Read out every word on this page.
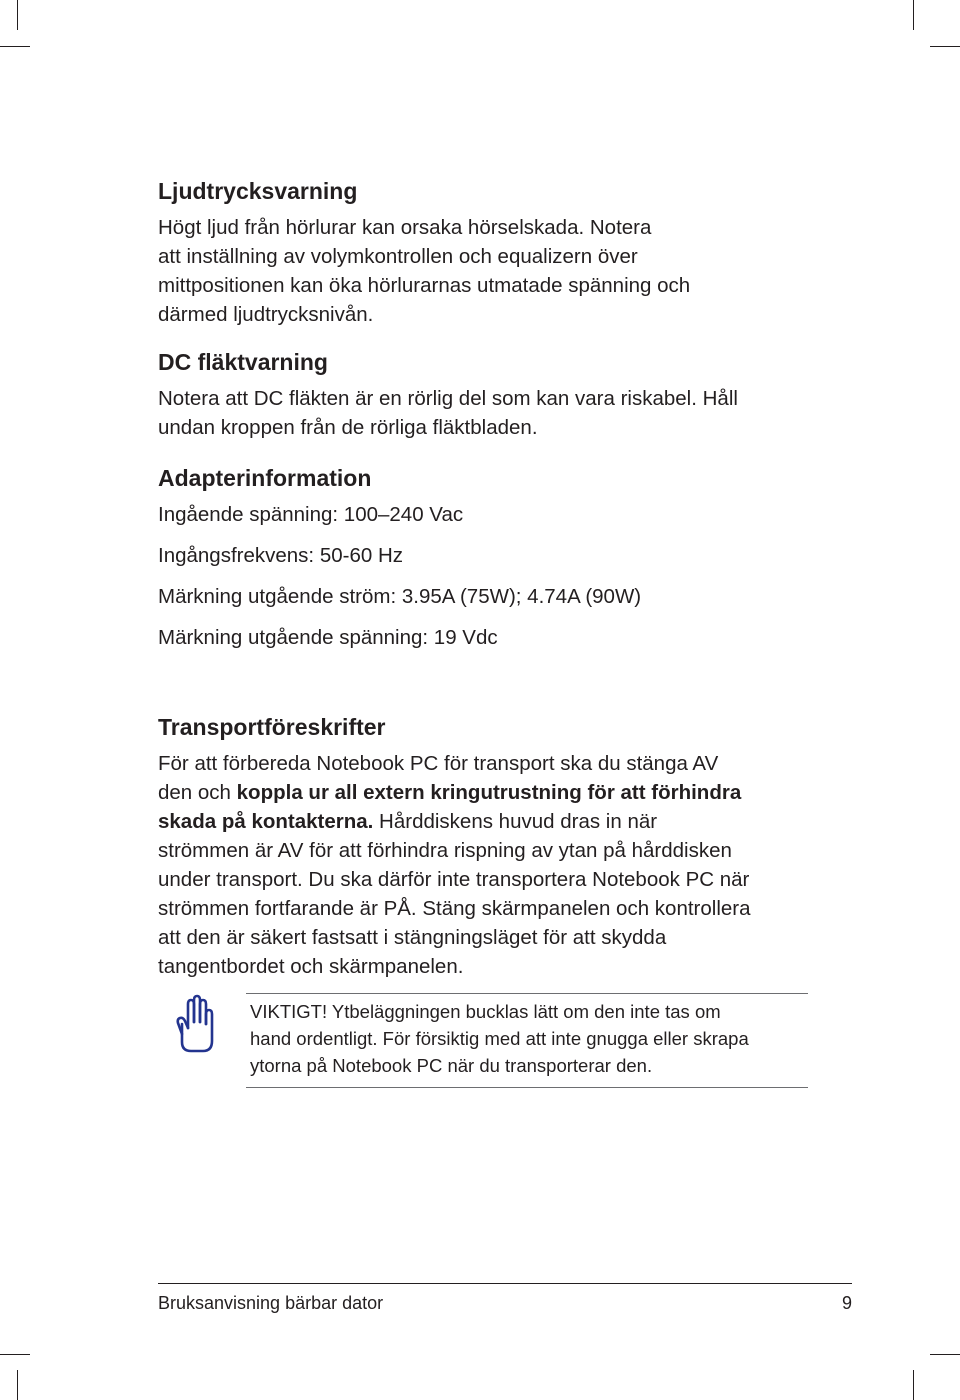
Ljudtrycksvarning

Högt ljud från hörlurar kan orsaka hörselskada. Notera
att inställning av volymkontrollen och equalizern över
mittpositionen kan öka hörlurarnas utmatade spänning och
därmed ljudtrycksnivån.

DC fläktvarning

Notera att DC fläkten är en rörlig del som kan vara riskabel. Håll
undan kroppen från de rörliga fläktbladen.

Adapterinformation
Ingående spänning: 100–240 Vac
Ingångsfrekvens: 50-60 Hz
Märkning utgående ström: 3.95A (75W); 4.74A (90W)
Märkning utgående spänning: 19 Vdc
Transportföreskrifter

För att förbereda Notebook PC för transport ska du stänga AV
den och koppla ur all extern kringutrustning för att förhindra
skada på kontakterna. Hårddiskens huvud dras in när
strömmen är AV för att förhindra rispning av ytan på hårddisken
under transport. Du ska därför inte transportera Notebook PC när
strömmen fortfarande är PÅ. Stäng skärmpanelen och kontrollera
att den är säkert fastsatt i stängningsläget för att skydda
tangentbordet och skärmpanelen.

VIKTIGT! Ytbeläggningen bucklas lätt om den inte tas om
hand ordentligt. För försiktig med att inte gnugga eller skrapa
ytorna på Notebook PC när du transporterar den.

Bruksanvisning bärbar dator	9
